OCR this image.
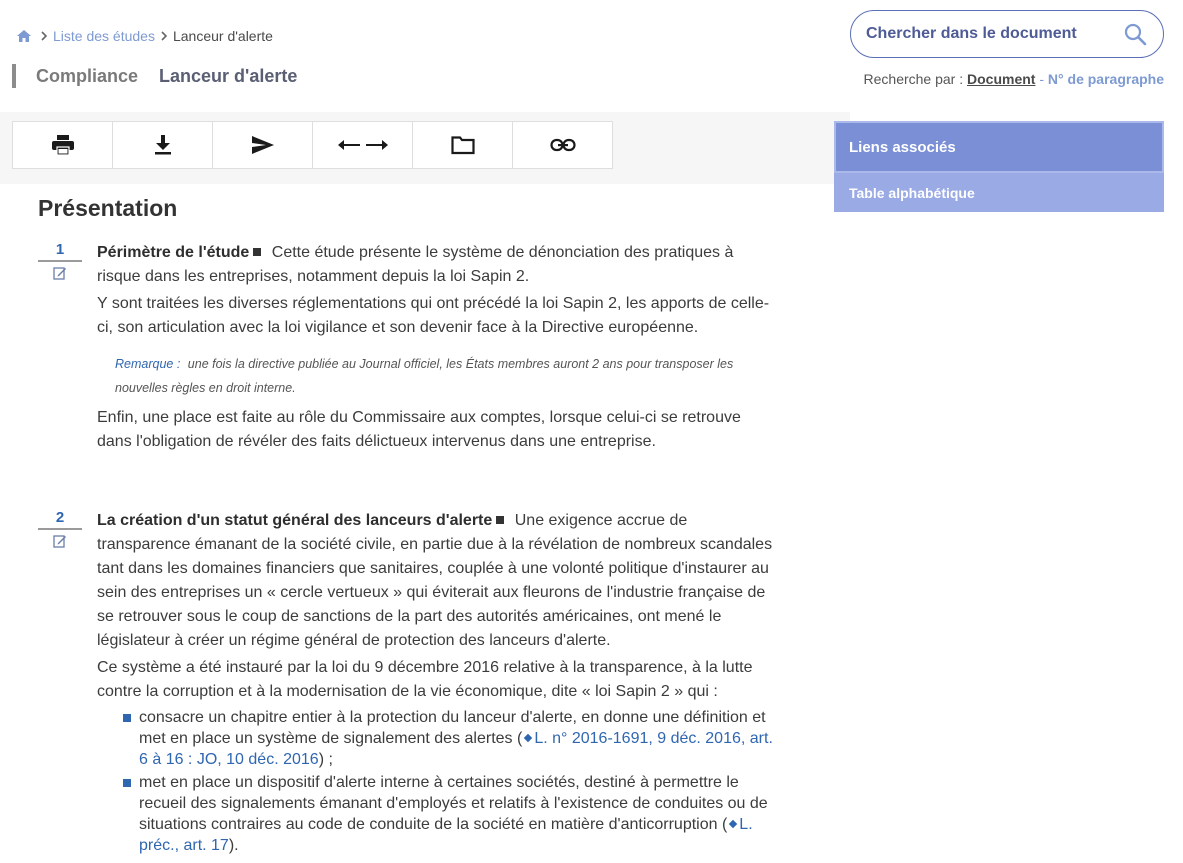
Liste des études Lanceur d'alerte
Compliance Lanceur d'alerte
Chercher dans le document
Recherche par : Document - N° de paragraphe
Liens associés
Table alphabétique
Présentation
1	Périmètre de l'étude Cette étude présente le système de dénonciation des pratiques à risque dans les entreprises, notamment depuis la loi Sapin 2.

Y sont traitées les diverses réglementations qui ont précédé la loi Sapin 2, les apports de celle-ci, son articulation avec la loi vigilance et son devenir face à la Directive européenne.

Remarque : une fois la directive publiée au Journal officiel, les États membres auront 2 ans pour transposer les nouvelles règles en droit interne.

Enfin, une place est faite au rôle du Commissaire aux comptes, lorsque celui-ci se retrouve dans l'obligation de révéler des faits délictueux intervenus dans une entreprise.

2	La création d'un statut général des lanceurs d'alerte Une exigence accrue de transparence émanant de la société civile, en partie due à la révélation de nombreux scandales tant dans les domaines financiers que sanitaires, couplée à une volonté politique d'instaurer au sein des entreprises un « cercle vertueux » qui éviterait aux fleurons de l'industrie française de se retrouver sous le coup de sanctions de la part des autorités américaines, ont mené le législateur à créer un régime général de protection des lanceurs d'alerte.

Ce système a été instauré par la loi du 9 décembre 2016 relative à la transparence, à la lutte contre la corruption et à la modernisation de la vie économique, dite « loi Sapin 2 » qui :

consacre un chapitre entier à la protection du lanceur d'alerte, en donne une définition et met en place un système de signalement des alertes ( L. n° 2016-1691, 9 déc. 2016, art. 6 à 16 : JO, 10 déc. 2016) ;
met en place un dispositif d'alerte interne à certaines sociétés, destiné à permettre le recueil des signalements émanant d'employés et relatifs à l'existence de conduites ou de situations contraires au code de conduite de la société en matière d'anticorruption ( L. préc., art. 17).
